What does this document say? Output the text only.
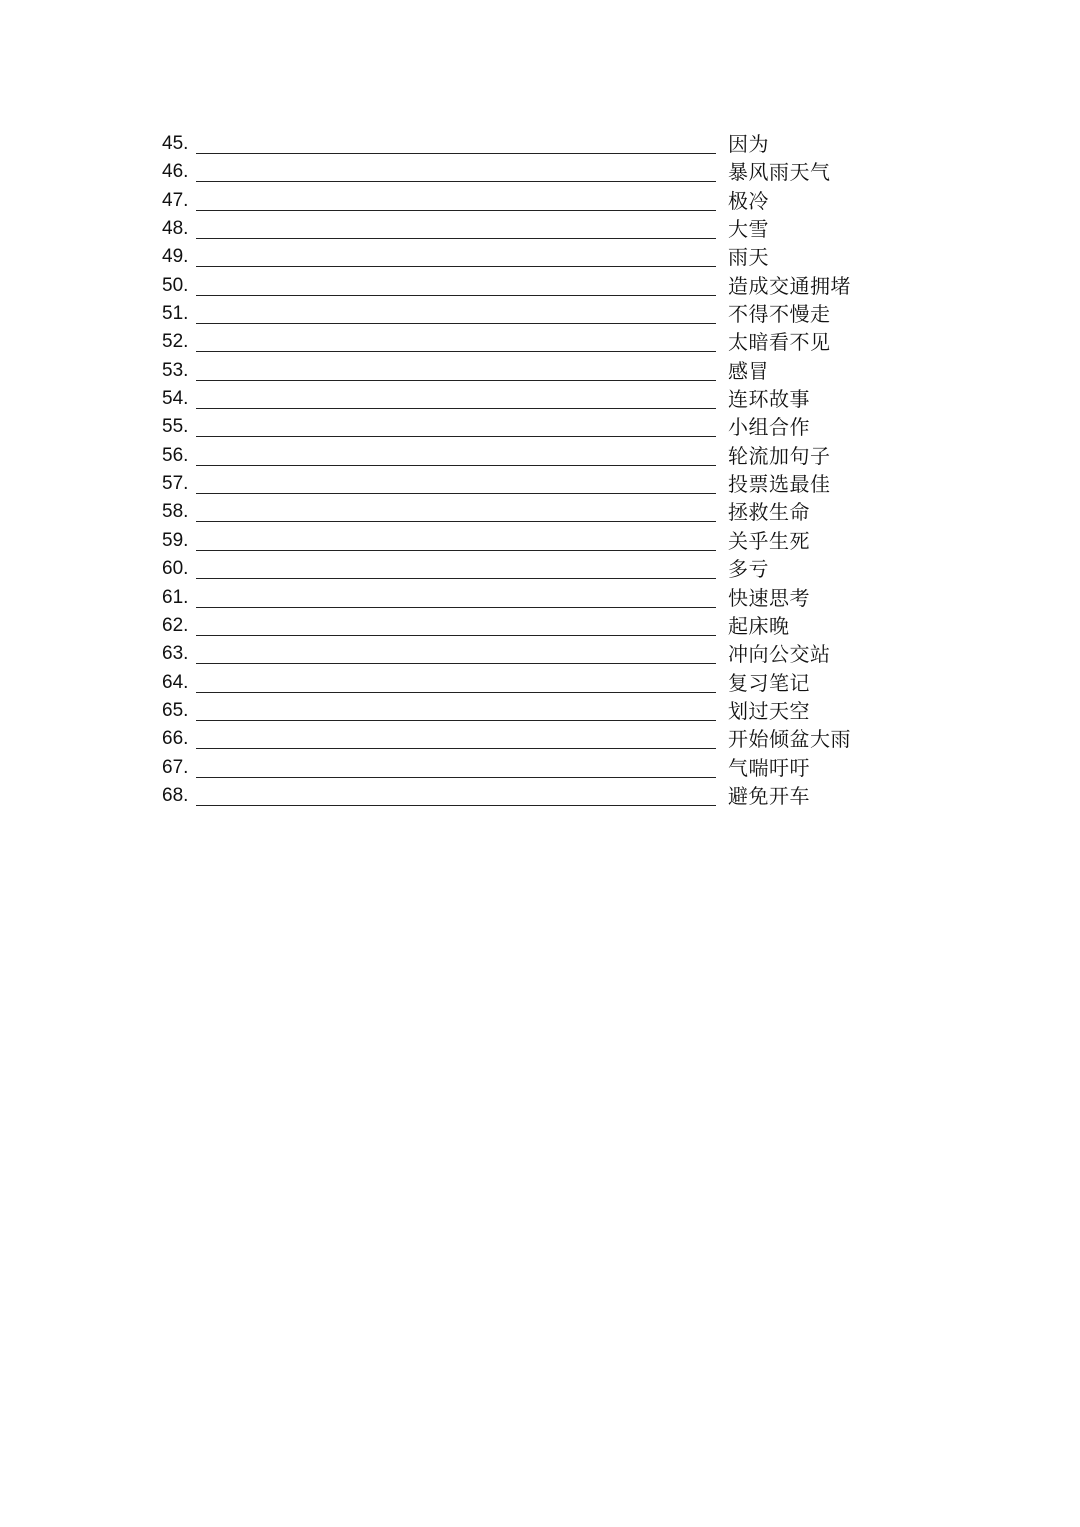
45.	因为
46.	暴风雨天气
47.	极冷
48.	大雪
49.	雨天
50.	造成交通拥堵
51.	不得不慢走
52.	太暗看不见
53.	感冒
54.	连环故事
55.	小组合作
56.	轮流加句子
57.	投票选最佳
58.	拯救生命
59.	关乎生死
60.	多亏
61.	快速思考
62.	起床晚
63.	冲向公交站
64.	复习笔记
65.	划过天空
66.	开始倾盆大雨
67.	气喘吁吁
68.	避免开车
